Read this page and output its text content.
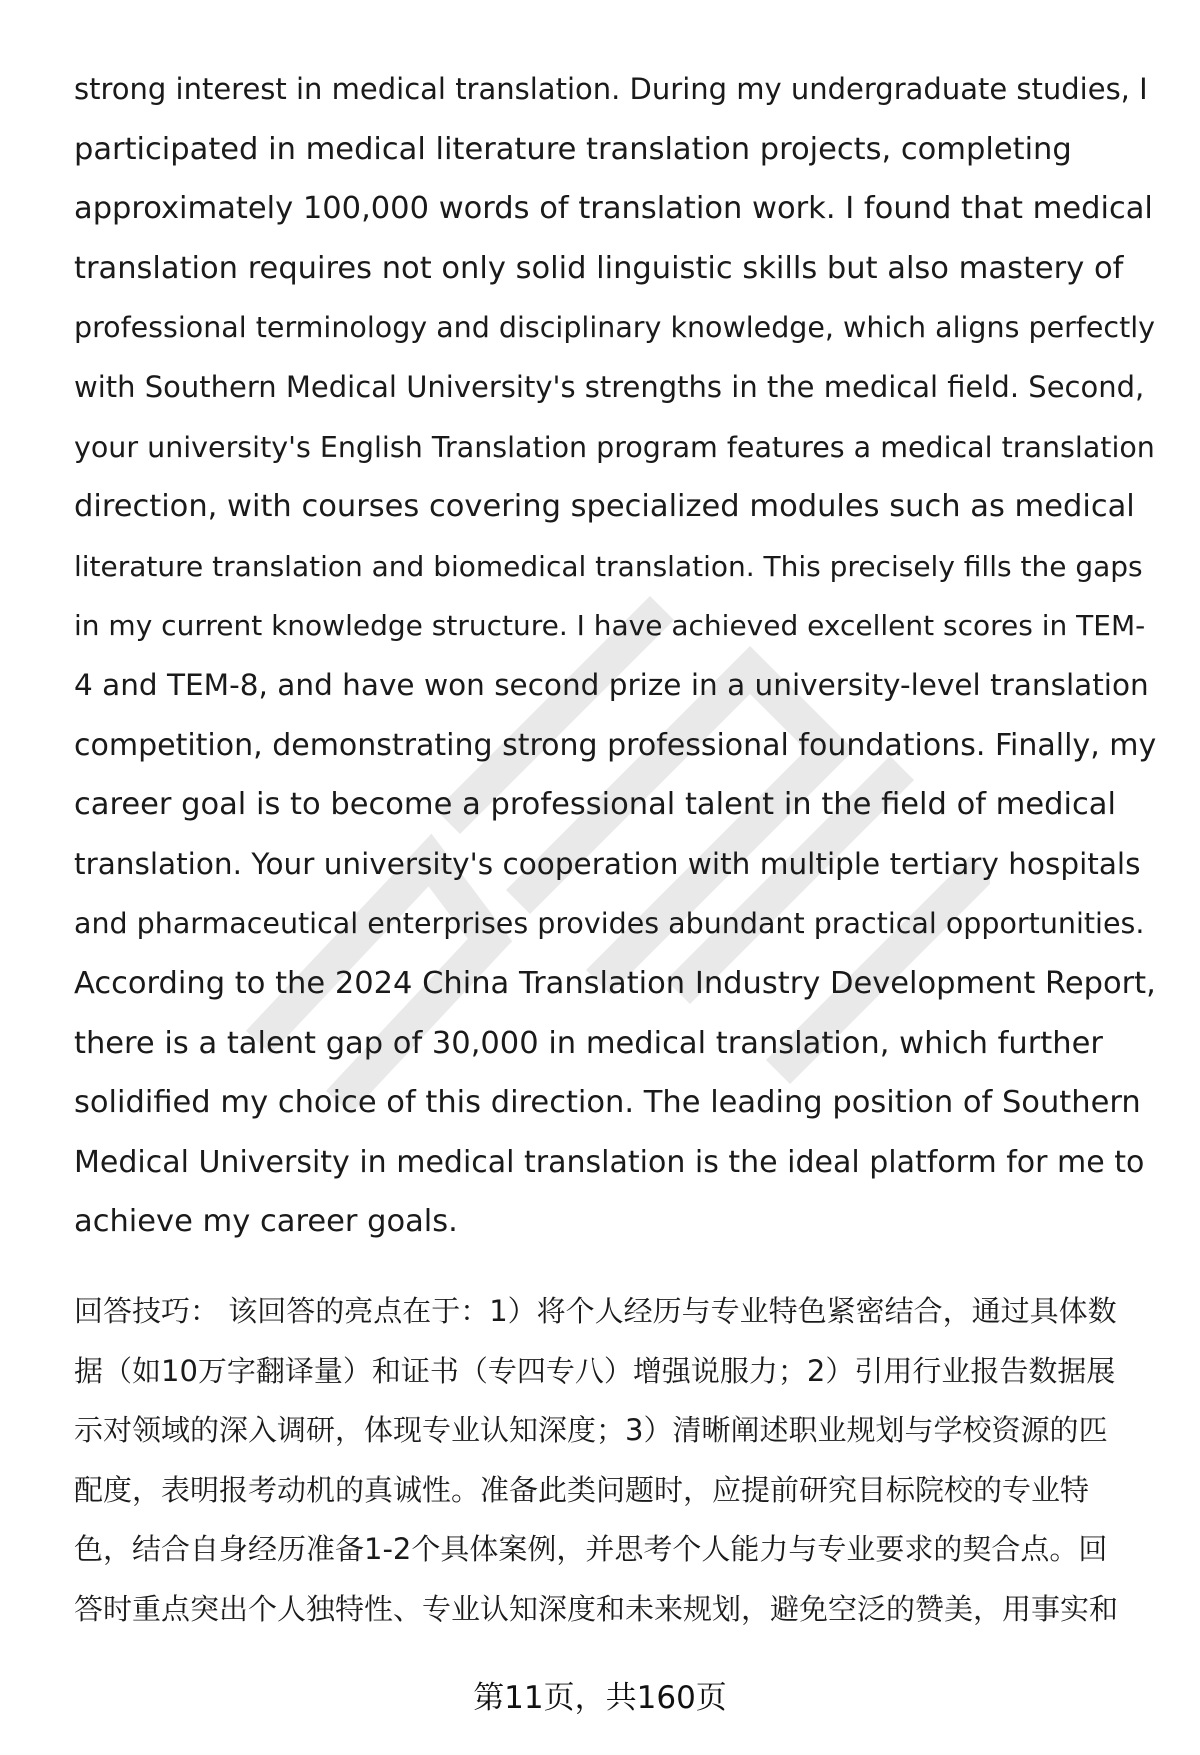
strong interest in medical translation. During my undergraduate studies, I
participated in medical literature translation projects, completing
approximately 100,000 words of translation work. I found that medical
translation requires not only solid linguistic skills but also mastery of
professional terminology and disciplinary knowledge, which aligns perfectly
with Southern Medical University's strengths in the medical field. Second,
your university's English Translation program features a medical translation
direction, with courses covering specialized modules such as medical
literature translation and biomedical translation. This precisely fills the gaps
in my current knowledge structure. I have achieved excellent scores in TEM-
4 and TEM-8, and have won second prize in a university-level translation
competition, demonstrating strong professional foundations. Finally, my
career goal is to become a professional talent in the field of medical
translation. Your university's cooperation with multiple tertiary hospitals
and pharmaceutical enterprises provides abundant practical opportunities.
According to the 2024 China Translation Industry Development Report,
there is a talent gap of 30,000 in medical translation, which further
solidified my choice of this direction. The leading position of Southern
Medical University in medical translation is the ideal platform for me to
achieve my career goals.
回答技巧： 该回答的亮点在于：1）将个人经历与专业特色紧密结合，通过具体数
据（如10万字翻译量）和证书（专四专八）增强说服力；2）引用行业报告数据展
示对领域的深入调研，体现专业认知深度；3）清晰阐述职业规划与学校资源的匹
配度，表明报考动机的真诚性。准备此类问题时，应提前研究目标院校的专业特
色，结合自身经历准备1-2个具体案例，并思考个人能力与专业要求的契合点。回
答时重点突出个人独特性、专业认知深度和未来规划，避免空泛的赞美，用事实和
第11页，共160页
